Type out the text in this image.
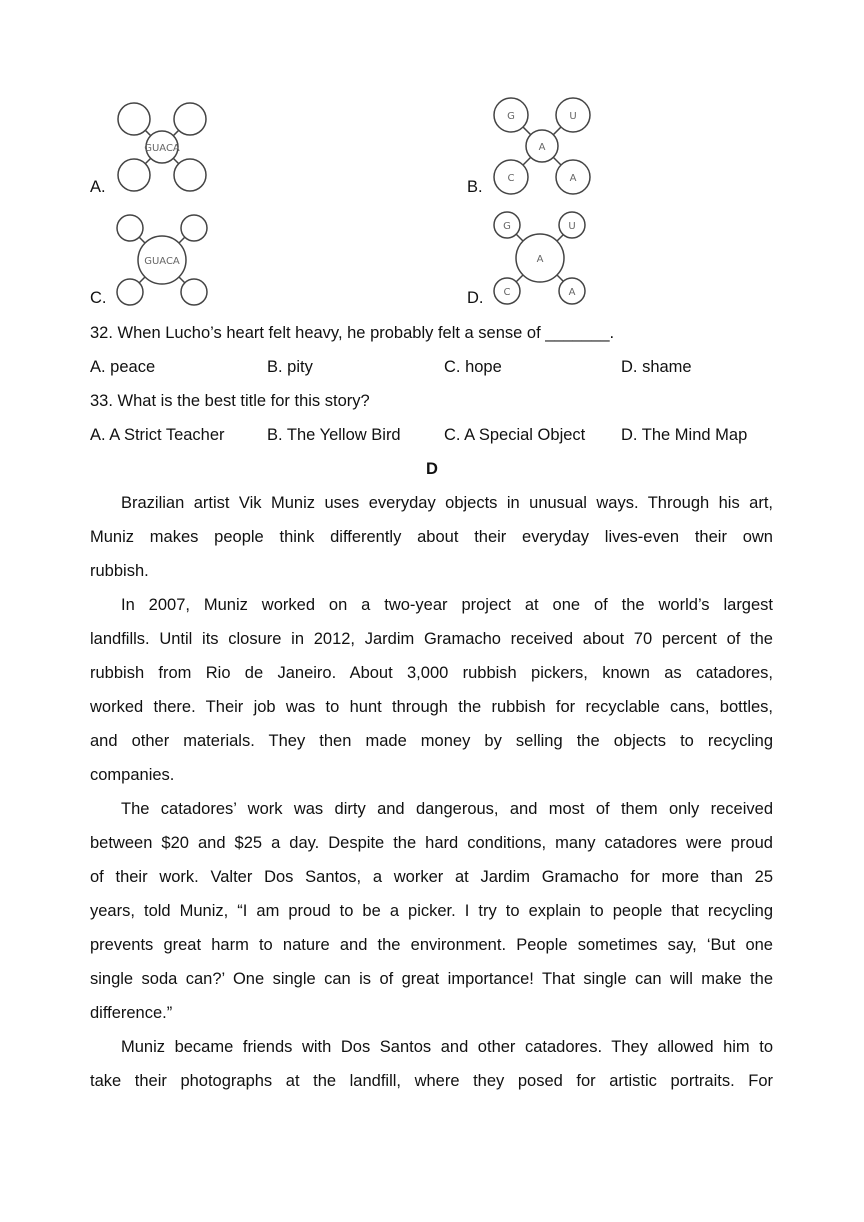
A.
GUACA
B.
G	U
A
C	A
C.
GUACA
D.
G	U
A
C	A
32. When Lucho’s heart felt heavy, he probably felt a sense of _______.
A. peace	B. pity	C. hope	D. shame
33. What is the best title for this story?
A. A Strict Teacher	B. The Yellow Bird	C. A Special Object D. The Mind Map
D
Brazilian artist Vik Muniz uses everyday objects in unusual ways. Through his art,
Muniz makes people think differently about their everyday lives-even their own
rubbish.
In 2007, Muniz worked on a two-year project at one of the world’s largest
landfills. Until its closure in 2012, Jardim Gramacho received about 70 percent of the
rubbish from Rio de Janeiro. About 3,000 rubbish pickers, known as catadores,
worked there. Their job was to hunt through the rubbish for recyclable cans, bottles,
and other materials. They then made money by selling the objects to recycling
companies.
The catadores’ work was dirty and dangerous, and most of them only received
between $20 and $25 a day. Despite the hard conditions, many catadores were proud
of their work. Valter Dos Santos, a worker at Jardim Gramacho for more than 25
years, told Muniz, “I am proud to be a picker. I try to explain to people that recycling
prevents great harm to nature and the environment. People sometimes say, ‘But one
single soda can?’ One single can is of great importance! That single can will make the
difference.”
Muniz became friends with Dos Santos and other catadores. They allowed him to
take their photographs at the landfill, where they posed for artistic portraits. For
